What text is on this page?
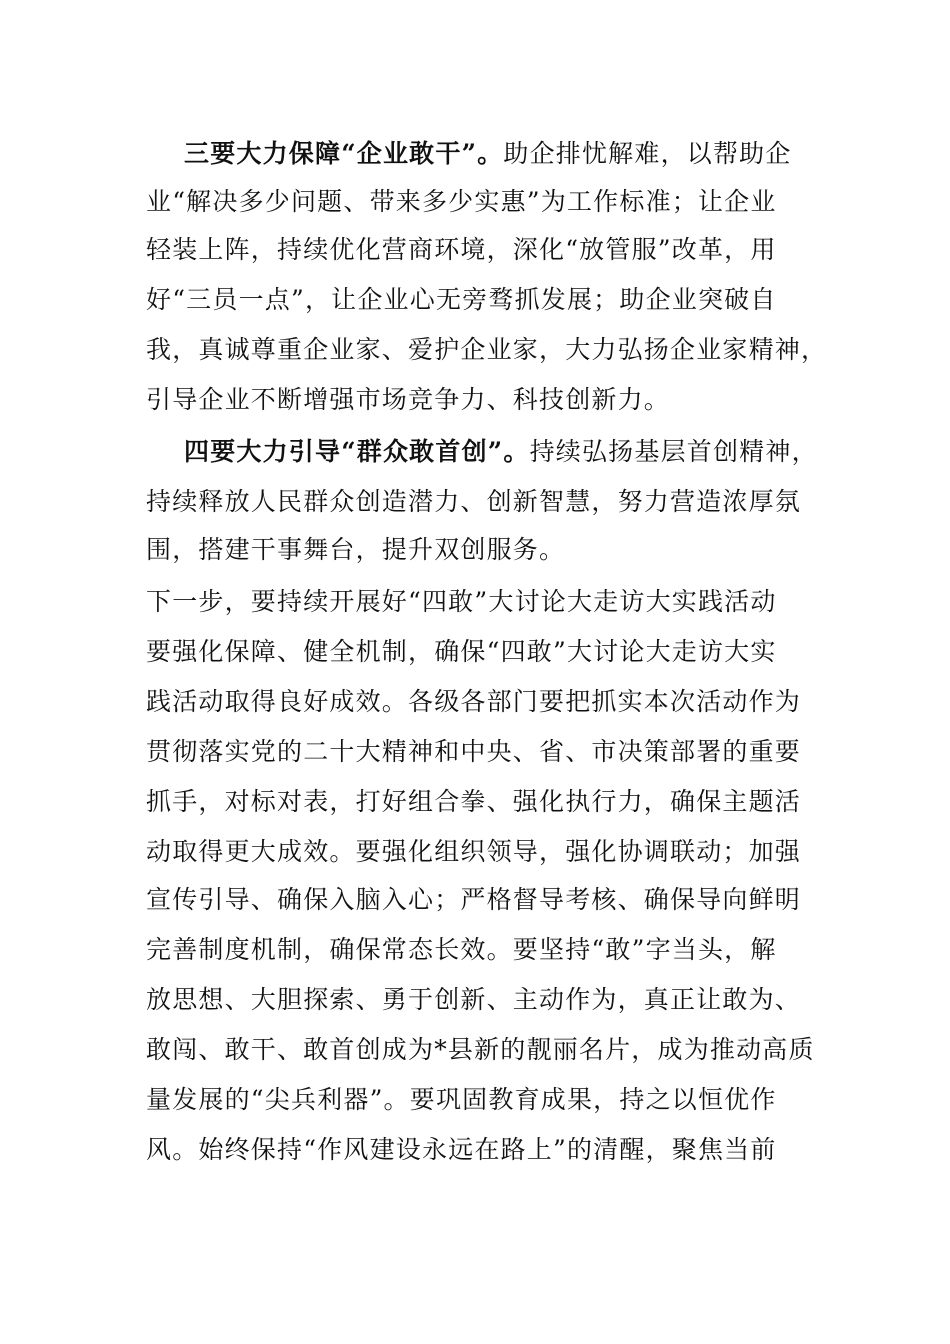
三要大力保障“企业敢干”。助企排忧解难，以帮助企
业“解决多少问题、带来多少实惠”为工作标准；让企业
轻装上阵，持续优化营商环境，深化“放管服”改革，用
好“三员一点”，让企业心无旁骛抓发展；助企业突破自
我，真诚尊重企业家、爱护企业家，大力弘扬企业家精神，
引导企业不断增强市场竞争力、科技创新力。
四要大力引导“群众敢首创”。持续弘扬基层首创精神，
持续释放人民群众创造潜力、创新智慧，努力营造浓厚氛
围，搭建干事舞台，提升双创服务。
下一步，要持续开展好“四敢”大讨论大走访大实践活动
要强化保障、健全机制，确保“四敢”大讨论大走访大实
践活动取得良好成效。各级各部门要把抓实本次活动作为
贯彻落实党的二十大精神和中央、省、市决策部署的重要
抓手，对标对表，打好组合拳、强化执行力，确保主题活
动取得更大成效。要强化组织领导，强化协调联动；加强
宣传引导、确保入脑入心；严格督导考核、确保导向鲜明
完善制度机制，确保常态长效。要坚持“敢”字当头，解
放思想、大胆探索、勇于创新、主动作为，真正让敢为、
敢闯、敢干、敢首创成为*县新的靓丽名片，成为推动高质
量发展的“尖兵利器”。要巩固教育成果，持之以恒优作
风。始终保持“作风建设永远在路上”的清醒，聚焦当前
